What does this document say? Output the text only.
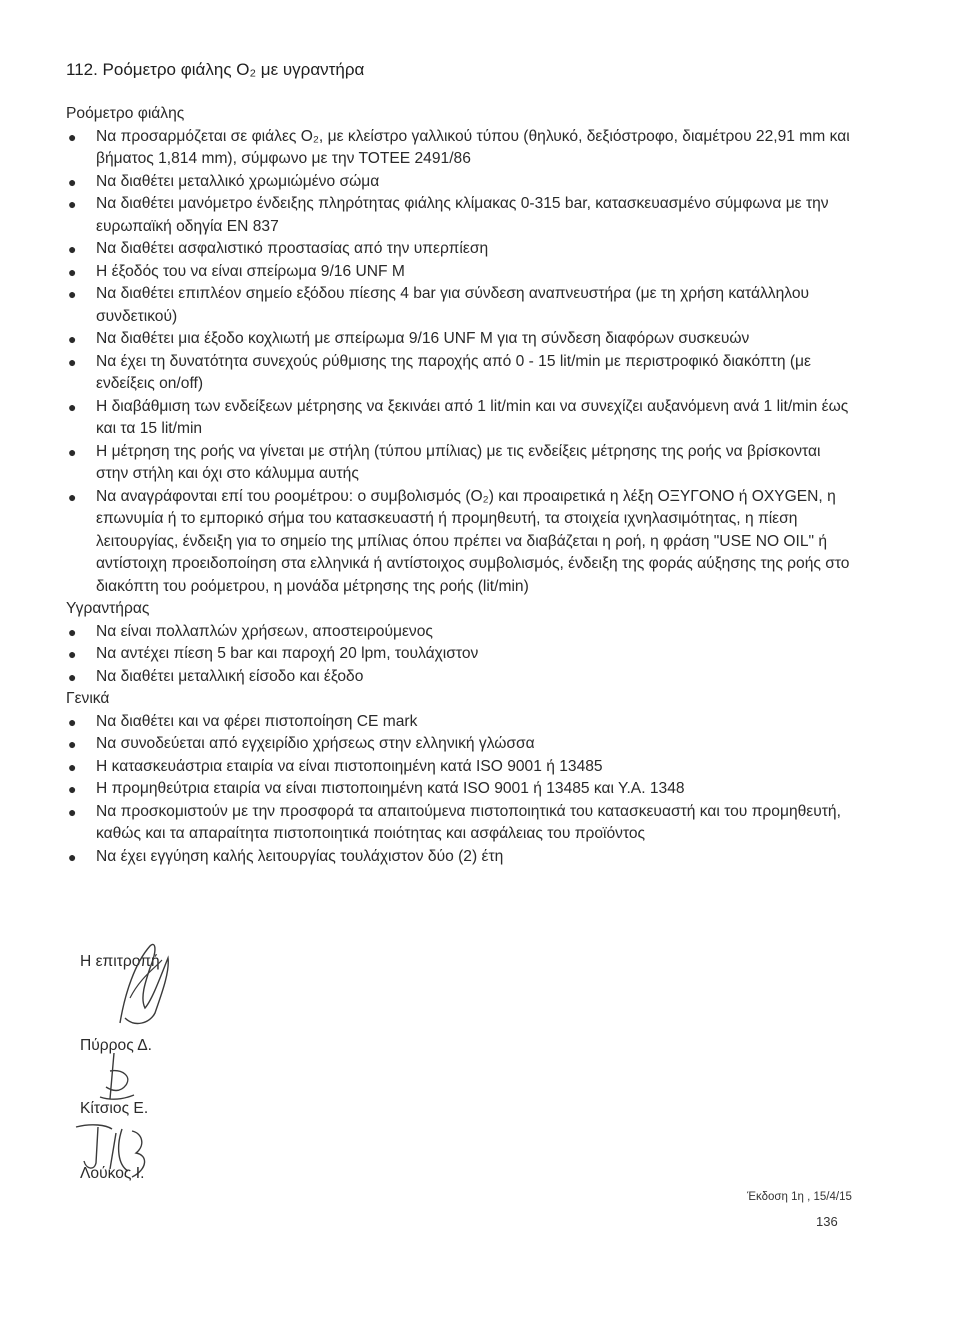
112. Ροόμετρο φιάλης O₂ με υγραντήρα
Ροόμετρο φιάλης
● Να προσαρμόζεται σε φιάλες O₂, με κλείστρο γαλλικού τύπου (θηλυκό, δεξιόστροφο, διαμέτρου 22,91 mm και βήματος 1,814 mm), σύμφωνο με την ΤΟΤΕΕ 2491/86
● Να διαθέτει μεταλλικό χρωμιώμένο σώμα
● Να διαθέτει μανόμετρο ένδειξης πληρότητας φιάλης κλίμακας 0-315 bar, κατασκευασμένο σύμφωνα με την ευρωπαϊκή οδηγία EN 837
● Να διαθέτει ασφαλιστικό προστασίας από την υπερπίεση
● Η έξοδός του να είναι σπείρωμα 9/16 UNF M
● Να διαθέτει επιπλέον σημείο εξόδου πίεσης 4 bar για σύνδεση αναπνευστήρα (με τη χρήση κατάλληλου συνδετικού)
● Να διαθέτει μια έξοδο κοχλιωτή με σπείρωμα 9/16 UNF M για τη σύνδεση διαφόρων συσκευών
● Να έχει τη δυνατότητα συνεχούς ρύθμισης της παροχής από 0 - 15 lit/min με περιστροφικό διακόπτη (με ενδείξεις on/off)
● Η διαβάθμιση των ενδείξεων μέτρησης να ξεκινάει από 1 lit/min και να συνεχίζει αυξανόμενη ανά 1 lit/min έως και τα 15 lit/min
● Η μέτρηση της ροής να γίνεται με στήλη (τύπου μπίλιας) με τις ενδείξεις μέτρησης της ροής να βρίσκονται στην στήλη και όχι στο κάλυμμα αυτής
● Να αναγράφονται επί του ροομέτρου: ο συμβολισμός (O₂) και προαιρετικά η λέξη ΟΞΥΓΟΝΟ ή OXYGEN, η επωνυμία ή το εμπορικό σήμα του κατασκευαστή ή προμηθευτή, τα στοιχεία ιχνηλασιμότητας, η πίεση λειτουργίας, ένδειξη για το σημείο της μπίλιας όπου πρέπει να διαβάζεται η ροή, η φράση "USE NO OIL" ή αντίστοιχη προειδοποίηση στα ελληνικά ή αντίστοιχος συμβολισμός, ένδειξη της φοράς αύξησης της ροής στο διακόπτη του ροόμετρου, η μονάδα μέτρησης της ροής (lit/min)
Υγραντήρας
● Να είναι πολλαπλών χρήσεων, αποστειρούμενος
● Να αντέχει πίεση 5 bar και παροχή 20 lpm, τουλάχιστον
● Να διαθέτει μεταλλική είσοδο και έξοδο
Γενικά
● Να διαθέτει και να φέρει πιστοποίηση CE mark
● Να συνοδεύεται από εγχειρίδιο χρήσεως στην ελληνική γλώσσα
● Η κατασκευάστρια εταιρία να είναι πιστοποιημένη κατά ISO 9001 ή 13485
● Η προμηθεύτρια εταιρία να είναι πιστοποιημένη κατά ISO 9001 ή 13485 και Υ.Α. 1348
● Να προσκομιστούν με την προσφορά τα απαιτούμενα πιστοποιητικά του κατασκευαστή και του προμηθευτή, καθώς και τα απαραίτητα πιστοποιητικά ποιότητας και ασφάλειας του προϊόντος
● Να έχει εγγύηση καλής λειτουργίας τουλάχιστον δύο (2) έτη
Η επιτροπή
Πύρρος Δ.
Κίτσιος Ε.
Λούκος Ι.
Έκδοση 1η , 15/4/15
136
